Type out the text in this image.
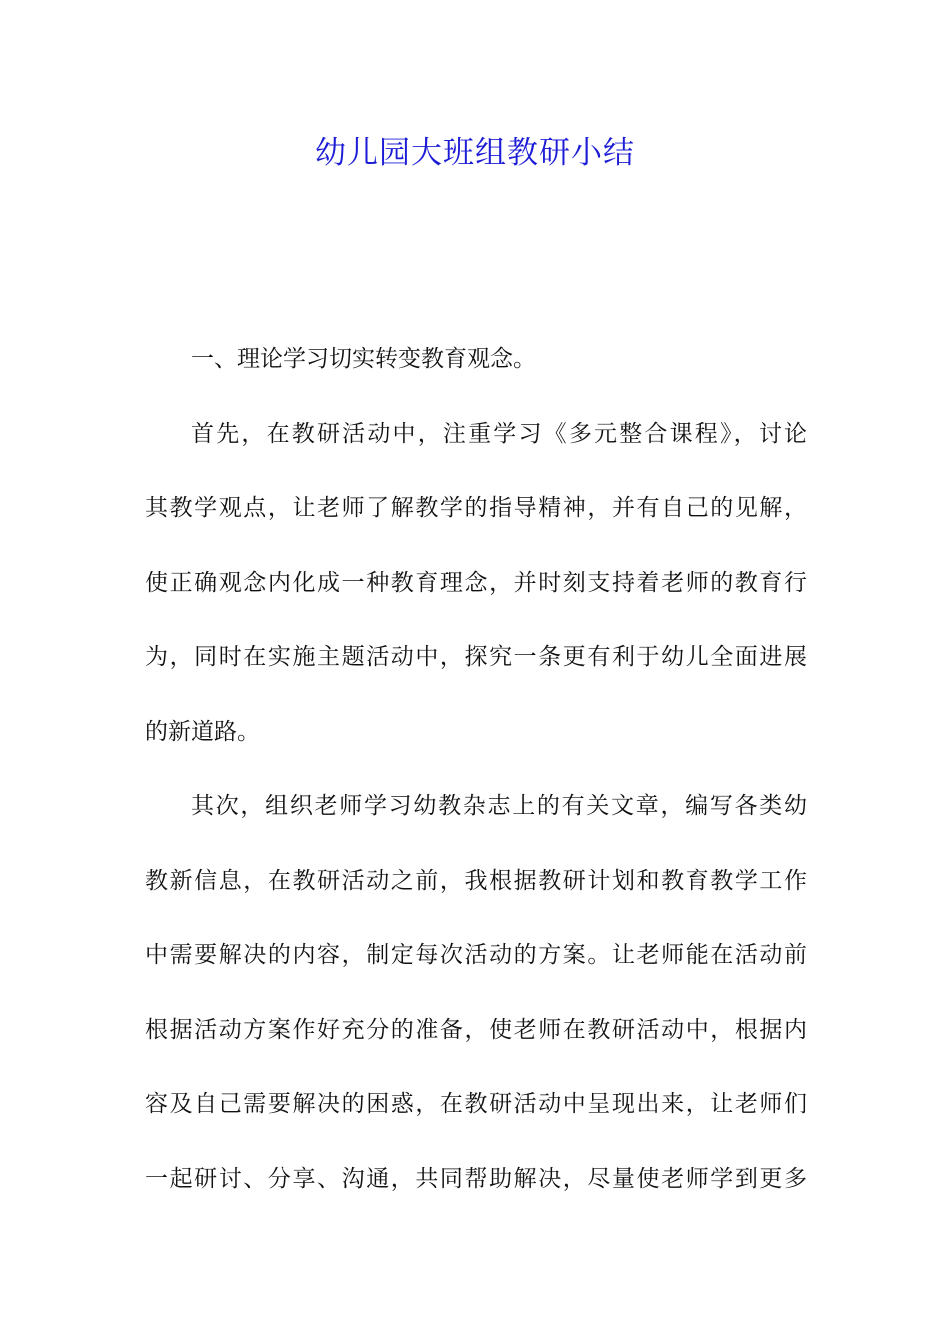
幼儿园大班组教研小结
一、理论学习切实转变教育观念。
首先，在教研活动中，注重学习《多元整合课程》，讨论
其教学观点，让老师了解教学的指导精神，并有自己的见解，
使正确观念内化成一种教育理念，并时刻支持着老师的教育行
为，同时在实施主题活动中，探究一条更有利于幼儿全面进展
的新道路。
其次，组织老师学习幼教杂志上的有关文章，编写各类幼
教新信息，在教研活动之前，我根据教研计划和教育教学工作
中需要解决的内容，制定每次活动的方案。让老师能在活动前
根据活动方案作好充分的准备，使老师在教研活动中，根据内
容及自己需要解决的困惑，在教研活动中呈现出来，让老师们
一起研讨、分享、沟通，共同帮助解决，尽量使老师学到更多
